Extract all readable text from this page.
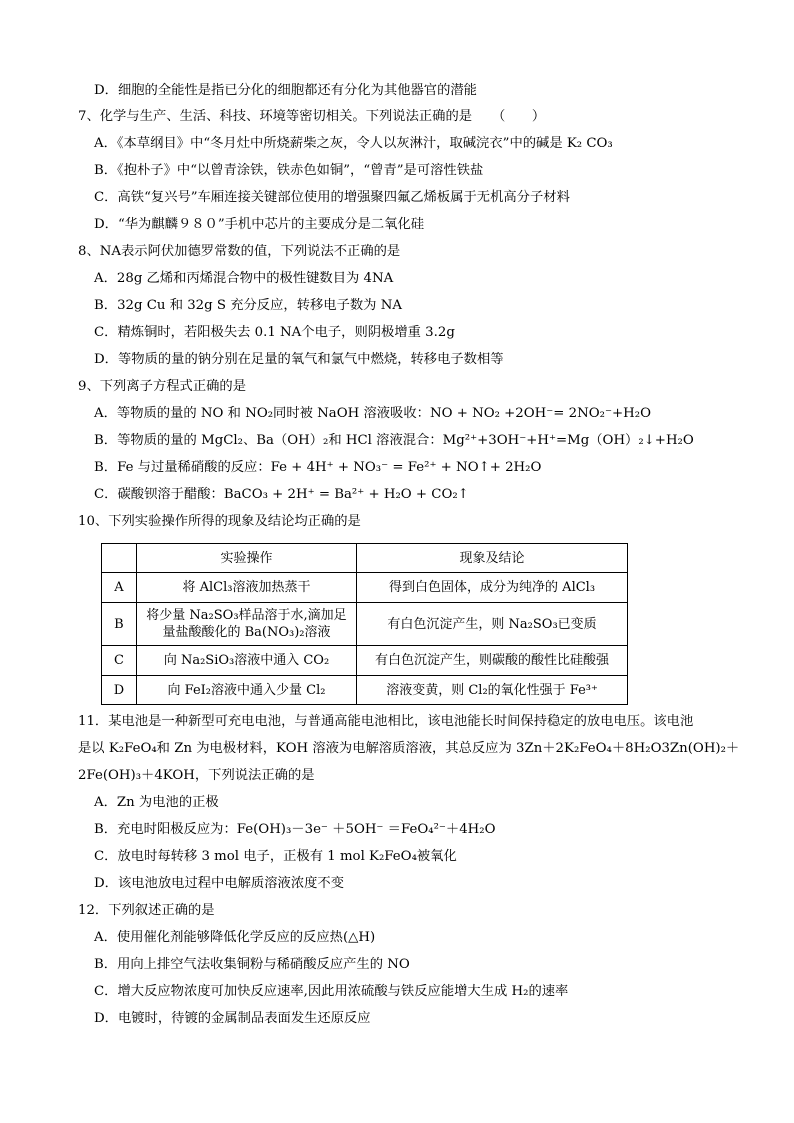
D．细胞的全能性是指已分化的细胞都还有分化为其他器官的潜能
7、化学与生产、生活、科技、环境等密切相关。下列说法正确的是　　（　　）
A．《本草纲目》中“冬月灶中所烧薪柴之灰，令人以灰淋汁，取碱浣衣”中的碱是 K₂ CO₃
B．《抱朴子》中“以曾青涂铁，铁赤色如铜”，“曾青”是可溶性铁盐
C．高铁“复兴号”车厢连接关键部位使用的增强聚四氟乙烯板属于无机高分子材料
D．“华为麒麟９８０”手机中芯片的主要成分是二氧化硅
8、NA表示阿伏加德罗常数的值，下列说法不正确的是
A．28g 乙烯和丙烯混合物中的极性键数目为 4NA
B．32g Cu 和 32g S 充分反应，转移电子数为 NA
C．精炼铜时，若阳极失去 0.1 NA个电子，则阴极增重 3.2g
D．等物质的量的钠分别在足量的氧气和氯气中燃烧，转移电子数相等
9、下列离子方程式正确的是
A．等物质的量的 NO 和 NO₂同时被 NaOH 溶液吸收：NO + NO₂ +2OH⁻= 2NO₂⁻+H₂O
B．等物质的量的 MgCl₂、Ba（OH）₂和 HCl 溶液混合：Mg²⁺+3OH⁻+H⁺=Mg（OH）₂↓+H₂O
B．Fe 与过量稀硝酸的反应：Fe + 4H⁺ + NO₃⁻ = Fe²⁺ + NO↑+ 2H₂O
C．碳酸钡溶于醋酸：BaCO₃ + 2H⁺ = Ba²⁺ + H₂O + CO₂↑
10、下列实验操作所得的现象及结论均正确的是
	实验操作	现象及结论
A	将 AlCl₃溶液加热蒸干	得到白色固体，成分为纯净的 AlCl₃
B	将少量 Na₂SO₃样品溶于水,滴加足量盐酸酸化的 Ba(NO₃)₂溶液	有白色沉淀产生，则 Na₂SO₃已变质
C	向 Na₂SiO₃溶液中通入 CO₂	有白色沉淀产生，则碳酸的酸性比硅酸强
D	向 FeI₂溶液中通入少量 Cl₂	溶液变黄，则 Cl₂的氧化性强于 Fe³⁺
11．某电池是一种新型可充电电池，与普通高能电池相比，该电池能长时间保持稳定的放电电压。该电池
是以 K₂FeO₄和 Zn 为电极材料，KOH 溶液为电解溶质溶液，其总反应为 3Zn＋2K₂FeO₄＋8H₂O3Zn(OH)₂＋
2Fe(OH)₃＋4KOH，下列说法正确的是
A．Zn 为电池的正极
B．充电时阳极反应为：Fe(OH)₃－3e⁻ ＋5OH⁻ ＝FeO₄²⁻＋4H₂O
C．放电时每转移 3 mol 电子，正极有 1 mol K₂FeO₄被氧化
D．该电池放电过程中电解质溶液浓度不变
12．下列叙述正确的是
A．使用催化剂能够降低化学反应的反应热(△H)
B．用向上排空气法收集铜粉与稀硝酸反应产生的 NO
C．增大反应物浓度可加快反应速率,因此用浓硫酸与铁反应能增大生成 H₂的速率
D．电镀时，待镀的金属制品表面发生还原反应
